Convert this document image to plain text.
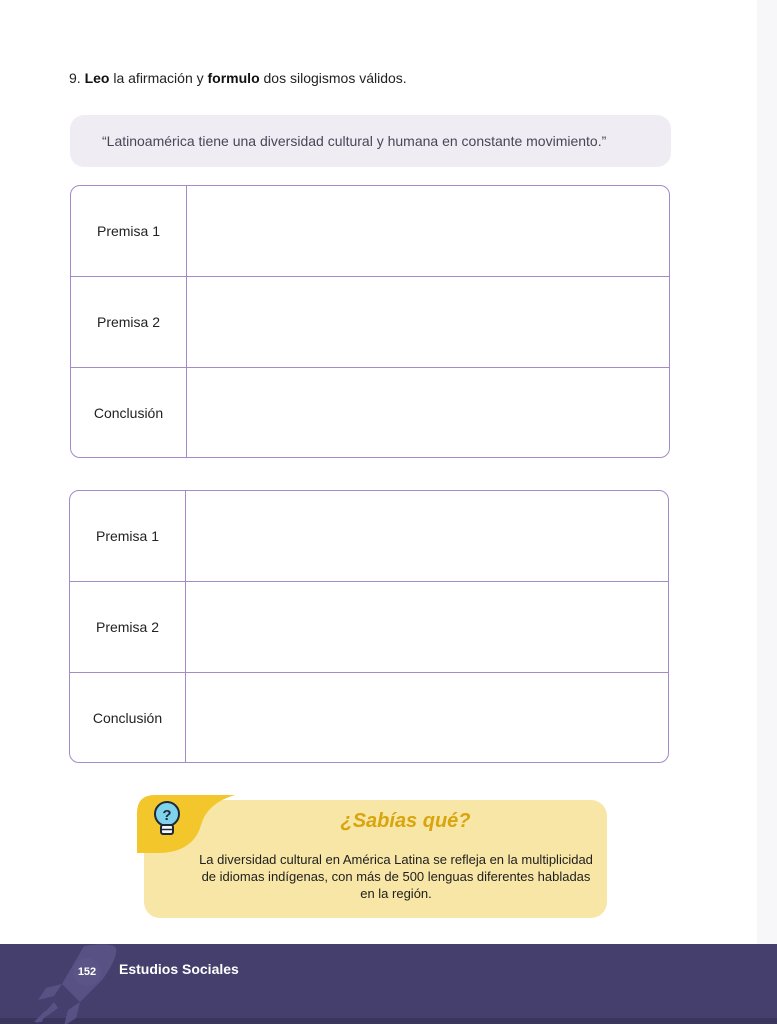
9. Leo la afirmación y formulo dos silogismos válidos.
“Latinoamérica tiene una diversidad cultural y humana en constante movimiento.”
Premisa 1
Premisa 2
Conclusión
Premisa 1
Premisa 2
Conclusión
?	¿Sabías qué?
La diversidad cultural en América Latina se refleja en la multiplicidad de idiomas indígenas, con más de 500 lenguas diferentes habladas en la región.
152	Estudios Sociales
